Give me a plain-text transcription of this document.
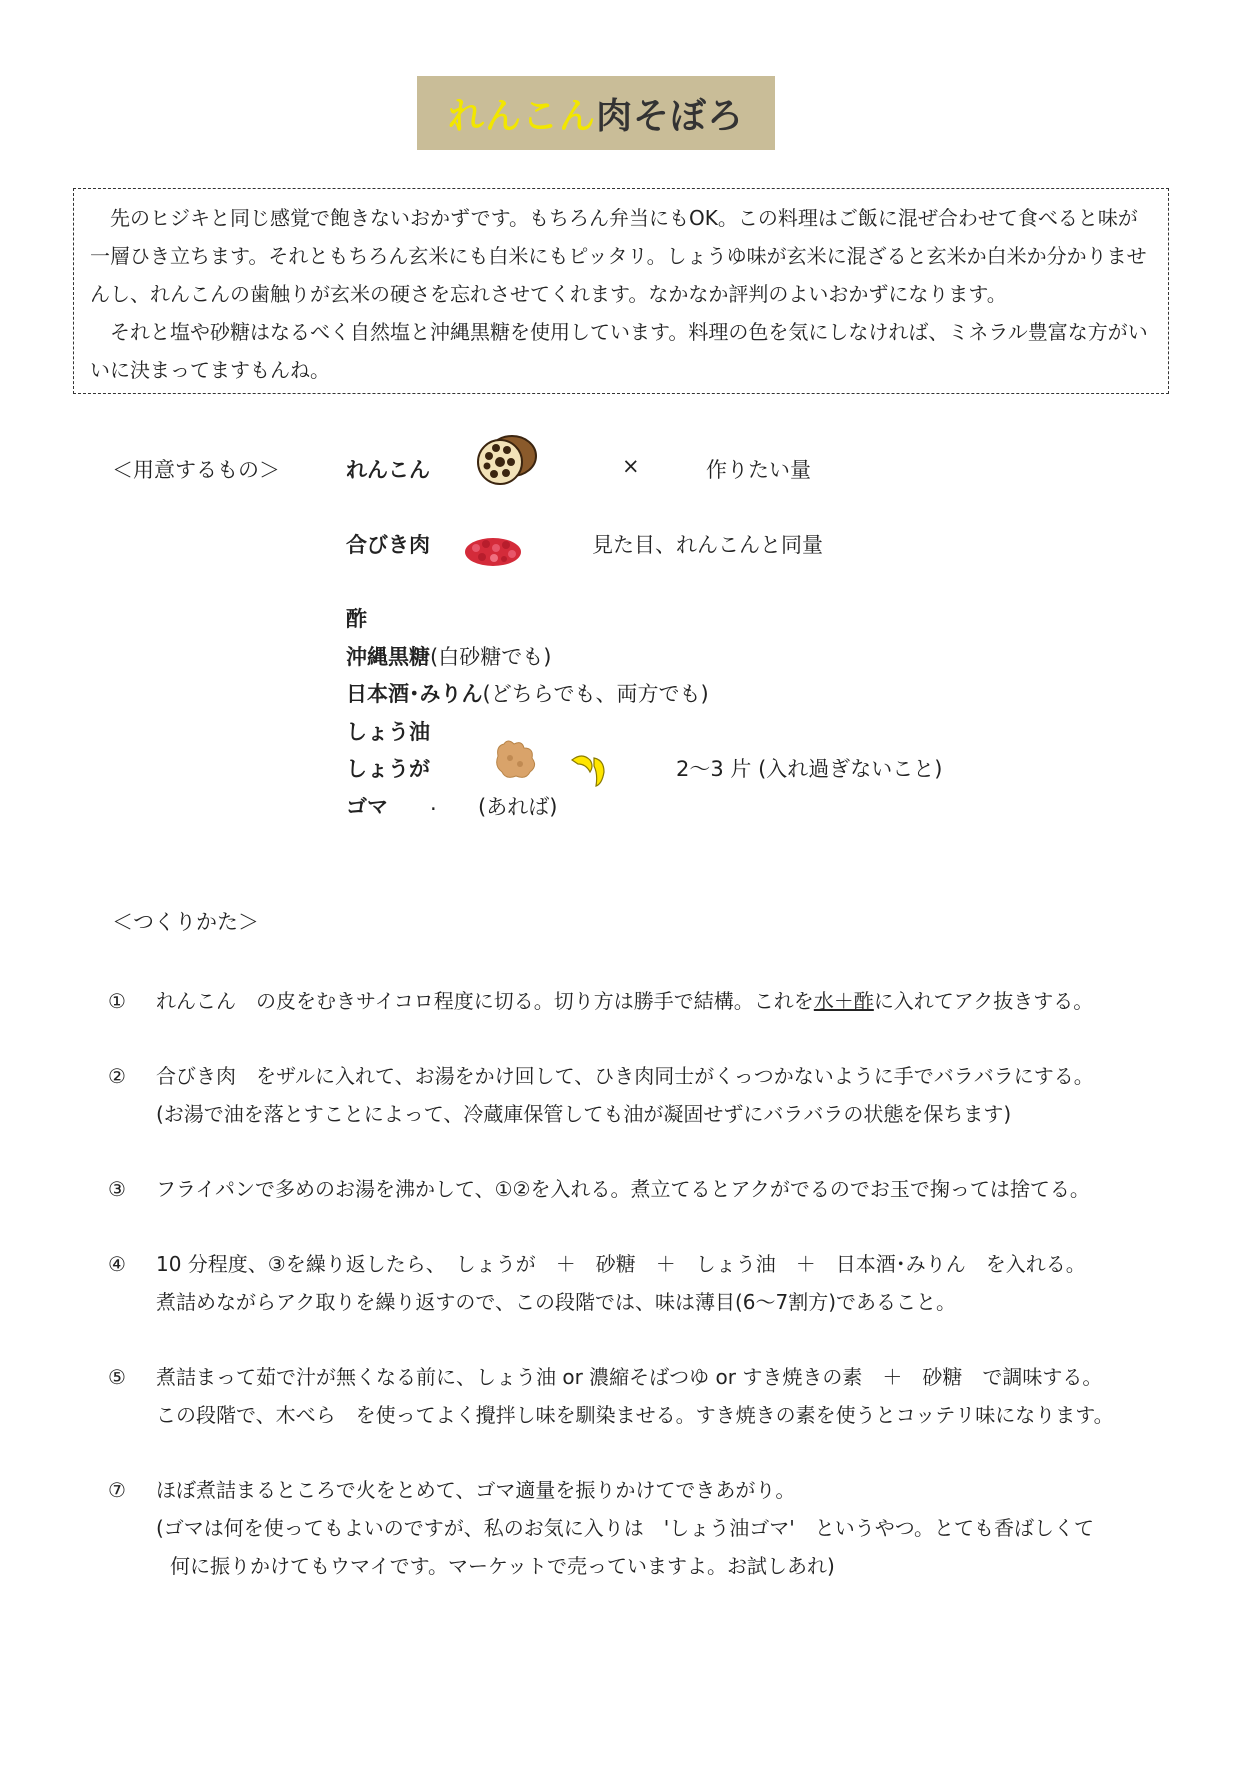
れんこん 肉そぼろ

先のヒジキと同じ感覚で飽きないおかずです。もちろん弁当にもOK。この料理はご飯に混ぜ合わせて食べると味が一層ひき立ちます。それともちろん玄米にも白米にもピッタリ。しょうゆ味が玄米に混ざると玄米か白米か分かりませんし、れんこんの歯触りが玄米の硬さを忘れさせてくれます。なかなか評判のよいおかずになります。

それと塩や砂糖はなるべく自然塩と沖縄黒糖を使用しています。料理の色を気にしなければ、ミネラル豊富な方がいいに決まってますもんね。

＜用意するもの＞	れんこん	×	作りたい量
合びき肉	見た目、れんこんと同量
酢
沖縄黒糖(白砂糖でも)
日本酒･みりん(どちらでも、両方でも)
しょう油
しょうが	2～3 片 (入れ過ぎないこと)
ゴマ . (あれば)
＜つくりかた＞
①	れんこん　の皮をむきサイコロ程度に切る。切り方は勝手で結構。これを水＋酢に入れてアク抜きする。
②	合びき肉　をザルに入れて、お湯をかけ回して、ひき肉同士がくっつかないように手でバラバラにする。
(お湯で油を落とすことによって、冷蔵庫保管しても油が凝固せずにバラバラの状態を保ちます)
③	フライパンで多めのお湯を沸かして、①②を入れる。煮立てるとアクがでるのでお玉で掬っては捨てる。
④	10 分程度、③を繰り返したら、　しょうが　＋　砂糖　＋　しょう油　＋　日本酒･みりん　を入れる。
煮詰めながらアク取りを繰り返すので、この段階では、味は薄目(6～7割方)であること。
⑤	煮詰まって茹で汁が無くなる前に、しょう油 or 濃縮そばつゆ or すき焼きの素　＋　砂糖　で調味する。
この段階で、木べら　を使ってよく攪拌し味を馴染ませる。すき焼きの素を使うとコッテリ味になります。
⑦	ほぼ煮詰まるところで火をとめて、ゴマ適量を振りかけてできあがり。
(ゴマは何を使ってもよいのですが、私のお気に入りは　'しょう油ゴマ'　というやつ。とても香ばしくて
何に振りかけてもウマイです。マーケットで売っていますよ。お試しあれ)
